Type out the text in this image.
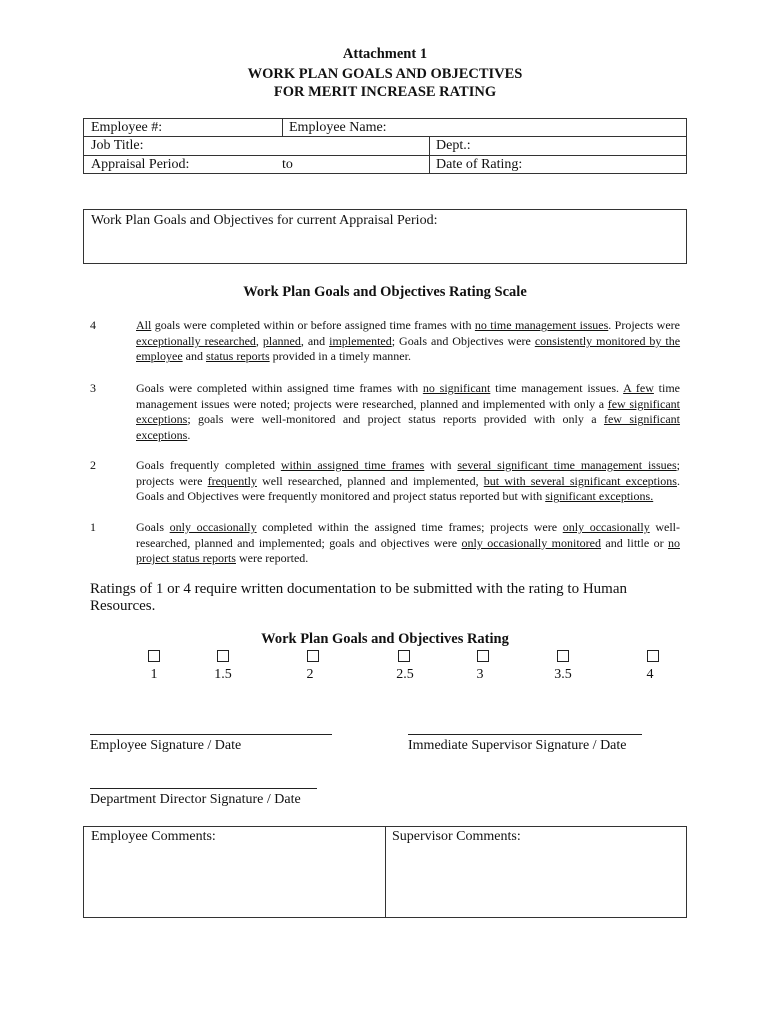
Attachment 1
WORK PLAN GOALS AND OBJECTIVES
FOR MERIT INCREASE RATING
Employee #:	Employee Name:
Job Title:	Dept.:
Appraisal Period:	to	Date of Rating:
Work Plan Goals and Objectives for current Appraisal Period:
Work Plan Goals and Objectives Rating Scale
4	All goals were completed within or before assigned time frames with no time management issues. Projects were exceptionally researched, planned, and implemented; Goals and Objectives were consistently monitored by the employee and status reports provided in a timely manner.
3	Goals were completed within assigned time frames with no significant time management issues. A few time management issues were noted; projects were researched, planned and implemented with only a few significant exceptions; goals were well-monitored and project status reports provided with only a few significant exceptions.
2	Goals frequently completed within assigned time frames with several significant time management issues; projects were frequently well researched, planned and implemented, but with several significant exceptions. Goals and Objectives were frequently monitored and project status reported but with significant exceptions.
1	Goals only occasionally completed within the assigned time frames; projects were only occasionally well-researched, planned and implemented; goals and objectives were only occasionally monitored and little or no project status reports were reported.
Ratings of 1 or 4 require written documentation to be submitted with the rating to Human Resources.
Work Plan Goals and Objectives Rating
1	1.5	2	2.5	3	3.5	4
Employee Signature / Date	Immediate Supervisor Signature / Date
Department Director Signature / Date
Employee Comments:	Supervisor Comments:
